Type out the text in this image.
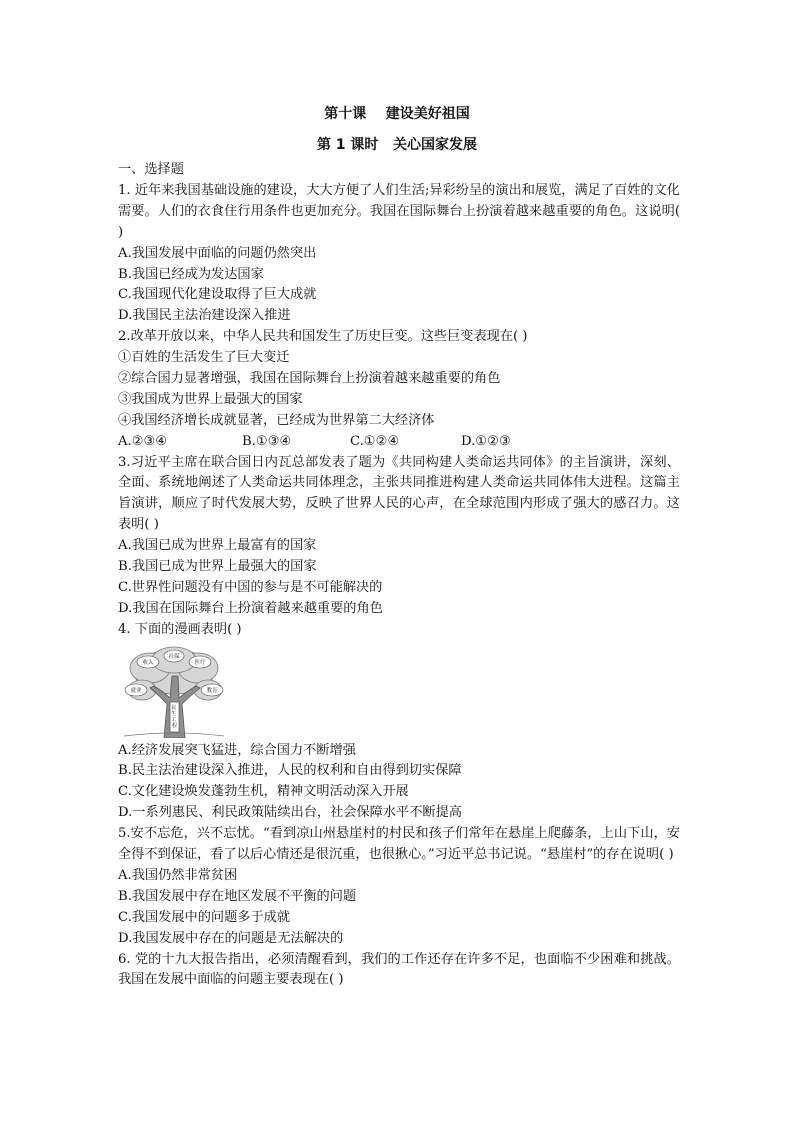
第十课    建设美好祖国
第 1 课时   关心国家发展
一、选择题
1. 近年来我国基础设施的建设，大大方便了人们生活;异彩纷呈的演出和展览，满足了百姓的文化需要。人们的衣食住行用条件也更加充分。我国在国际舞台上扮演着越来越重要的角色。这说明( )
A.我国发展中面临的问题仍然突出
B.我国已经成为发达国家
C.我国现代化建设取得了巨大成就
D.我国民主法治建设深入推进
2.改革开放以来，中华人民共和国发生了历史巨变。这些巨变表现在( )
①百姓的生活发生了巨大变迁
②综合国力显著增强，我国在国际舞台上扮演着越来越重要的角色
③我国成为世界上最强大的国家
④我国经济增长成就显著，已经成为世界第二大经济体
A.②③④	B.①③④	C.①②④	D.①②③
3.习近平主席在联合国日内瓦总部发表了题为《共同构建人类命运共同体》的主旨演讲，深刻、全面、系统地阐述了人类命运共同体理念，主张共同推进构建人类命运共同体伟大进程。这篇主旨演讲，顺应了时代发展大势，反映了世界人民的心声，在全球范围内形成了强大的感召力。这表明( )
A.我国已成为世界上最富有的国家
B.我国已成为世界上最强大的国家
C.世界性问题没有中国的参与是不可能解决的
D.我国在国际舞台上扮演着越来越重要的角色
4. 下面的漫画表明( )
民 生 工 程
社保
收入	医疗
就业	教育
A.经济发展突飞猛进，综合国力不断增强
B.民主法治建设深入推进，人民的权利和自由得到切实保障
C.文化建设焕发蓬勃生机，精神文明活动深入开展
D.一系列惠民、利民政策陆续出台，社会保障水平不断提高
5.安不忘危，兴不忘忧。“看到凉山州悬崖村的村民和孩子们常年在悬崖上爬藤条，上山下山，安全得不到保证，看了以后心情还是很沉重，也很揪心。”习近平总书记说。“悬崖村”的存在说明( )
A.我国仍然非常贫困
B.我国发展中存在地区发展不平衡的问题
C.我国发展中的问题多于成就
D.我国发展中存在的问题是无法解决的
6. 党的十九大报告指出，必须清醒看到，我们的工作还存在许多不足，也面临不少困难和挑战。我国在发展中面临的问题主要表现在( )
